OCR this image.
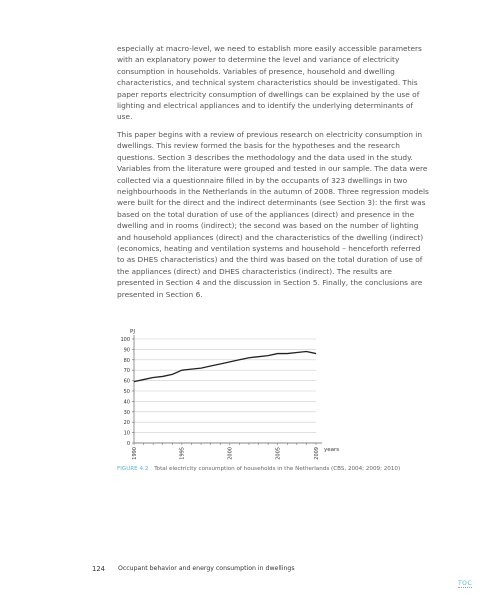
especially at macro-level, we need to establish more easily accessible parameters with an explanatory power to determine the level and variance of electricity consumption in households. Variables of presence, household and dwelling characteristics, and technical system characteristics should be investigated. This paper reports electricity consumption of dwellings can be explained by the use of lighting and electrical appliances and to identify the underlying determinants of use.

This paper begins with a review of previous research on electricity consumption in dwellings. This review formed the basis for the hypotheses and the research questions. Section 3 describes the methodology and the data used in the study. Variables from the literature were grouped and tested in our sample. The data were collected via a questionnaire filled in by the occupants of 323 dwellings in two neighbourhoods in the Netherlands in the autumn of 2008. Three regression models were built for the direct and the indirect determinants (see Section 3): the first was based on the total duration of use of the appliances (direct) and presence in the dwelling and in rooms (indirect); the second was based on the number of lighting and household appliances (direct) and the characteristics of the dwelling (indirect) (economics, heating and ventilation systems and household – henceforth referred to as DHES characteristics) and the third was based on the total duration of use of the appliances (direct) and DHES characteristics (indirect). The results are presented in Section 4 and the discussion in Section 5. Finally, the conclusions are presented in Section 6.

0
10
20
30
40
50
60
70
80
90
100
1990	1995	2000	2005	2009
PJ
years
FIGURE 4.2 Total electricity consumption of households in the Netherlands (CBS, 2004; 2009; 2010)
124 Occupant behavior and energy consumption in dwellings
TOC
